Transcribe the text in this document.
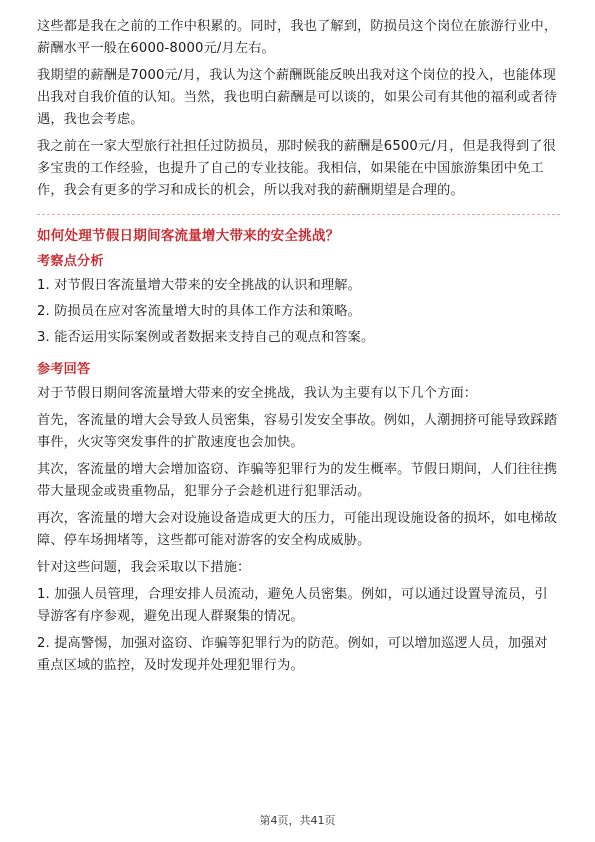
这些都是我在之前的工作中积累的。同时，我也了解到，防损员这个岗位在旅游行业中，薪酬水平一般在6000-8000元/月左右。

我期望的薪酬是7000元/月，我认为这个薪酬既能反映出我对这个岗位的投入，也能体现出我对自我价值的认知。当然，我也明白薪酬是可以谈的，如果公司有其他的福利或者待遇，我也会考虑。

我之前在一家大型旅行社担任过防损员，那时候我的薪酬是6500元/月，但是我得到了很多宝贵的工作经验，也提升了自己的专业技能。我相信，如果能在中国旅游集团中免工作，我会有更多的学习和成长的机会，所以我对我的薪酬期望是合理的。

如何处理节假日期间客流量增大带来的安全挑战？

考察点分析

1. 对节假日客流量增大带来的安全挑战的认识和理解。

2. 防损员在应对客流量增大时的具体工作方法和策略。

3. 能否运用实际案例或者数据来支持自己的观点和答案。

参考回答

对于节假日期间客流量增大带来的安全挑战，我认为主要有以下几个方面：

首先，客流量的增大会导致人员密集，容易引发安全事故。例如，人潮拥挤可能导致踩踏事件，火灾等突发事件的扩散速度也会加快。

其次，客流量的增大会增加盗窃、诈骗等犯罪行为的发生概率。节假日期间，人们往往携带大量现金或贵重物品，犯罪分子会趁机进行犯罪活动。

再次，客流量的增大会对设施设备造成更大的压力，可能出现设施设备的损坏，如电梯故障、停车场拥堵等，这些都可能对游客的安全构成威胁。

针对这些问题，我会采取以下措施：

1. 加强人员管理，合理安排人员流动，避免人员密集。例如，可以通过设置导流员，引导游客有序参观，避免出现人群聚集的情况。

2. 提高警惕，加强对盗窃、诈骗等犯罪行为的防范。例如，可以增加巡逻人员，加强对重点区域的监控，及时发现并处理犯罪行为。

第4页，共41页
